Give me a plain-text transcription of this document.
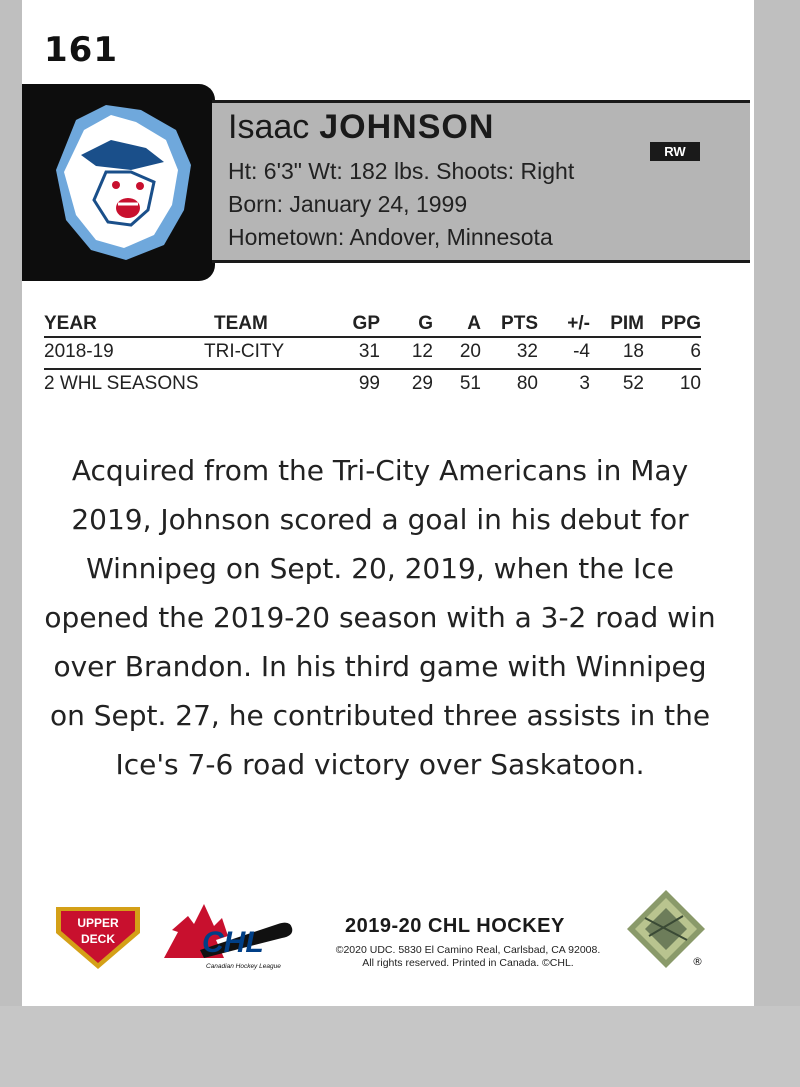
161
Isaac JOHNSON
RW
Ht: 6'3" Wt: 182 lbs. Shoots: Right
Born: January 24, 1999
Hometown: Andover, Minnesota
YEAR	TEAM	GP G A PTS +/- PIM PPG
2018-19	TRI-CITY	31 12 20 32 -4 18 6
2 WHL SEASONS	99 29 51 80 3 52 10
Acquired from the Tri-City Americans in May 2019, Johnson scored a goal in his debut for Winnipeg on Sept. 20, 2019, when the Ice opened the 2019-20 season with a 3-2 road win over Brandon. In his third game with Winnipeg on Sept. 27, he contributed three assists in the Ice's 7-6 road victory over Saskatoon.
UPPER
DECK	CHL
Canadian Hockey League
2019-20 CHL HOCKEY
©2020 UDC. 5830 El Camino Real, Carlsbad, CA 92008.
All rights reserved. Printed in Canada. ©CHL.	®
